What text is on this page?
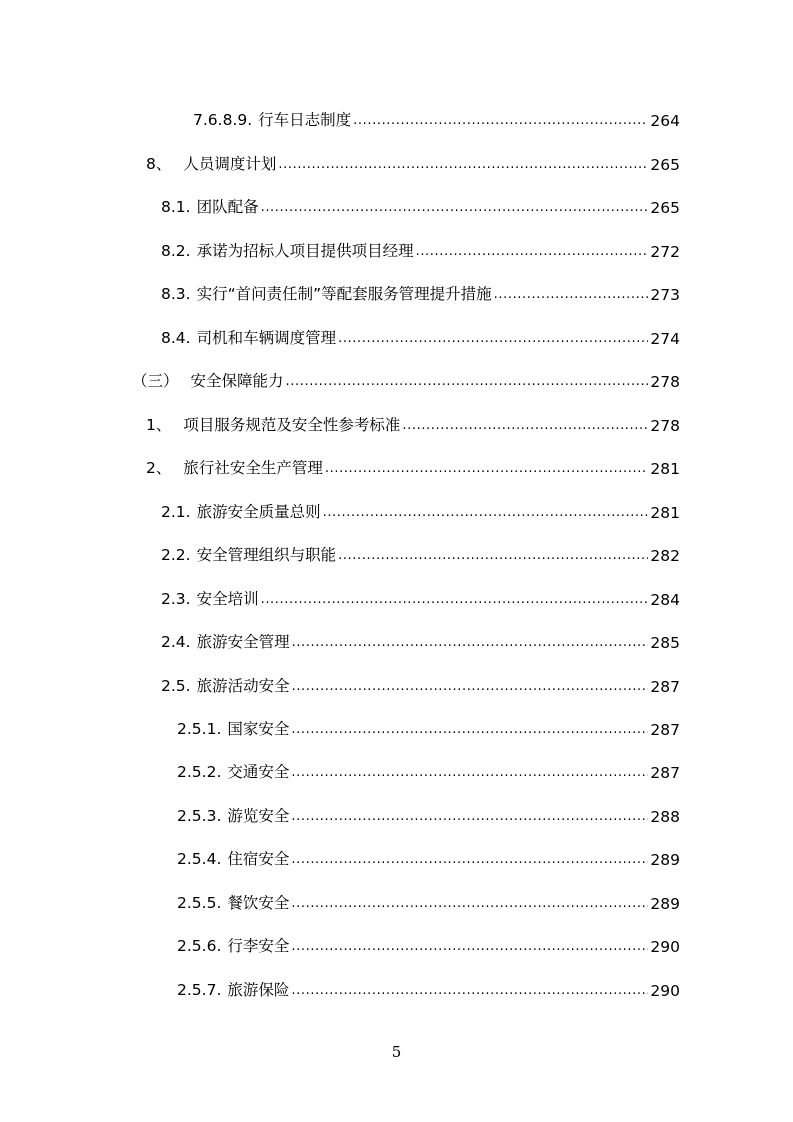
7.6.8.9. 行车日志制度 .....	264
8、 人员调度计划 .....	265
8.1. 团队配备 .....	265
8.2. 承诺为招标人项目提供项目经理 .....	272
8.3. 实行“首问责任制”等配套服务管理提升措施 .....	273
8.4. 司机和车辆调度管理 .....	274
（三） 安全保障能力 .....	278
1、 项目服务规范及安全性参考标准 .....	278
2、 旅行社安全生产管理 .....	281
2.1. 旅游安全质量总则 .....	281
2.2. 安全管理组织与职能 .....	282
2.3. 安全培训 .....	284
2.4. 旅游安全管理 .....	285
2.5. 旅游活动安全 .....	287
2.5.1. 国家安全 .....	287
2.5.2. 交通安全 .....	287
2.5.3. 游览安全 .....	288
2.5.4. 住宿安全 .....	289
2.5.5. 餐饮安全 .....	289
2.5.6. 行李安全 .....	290
2.5.7. 旅游保险 .....	290
5
